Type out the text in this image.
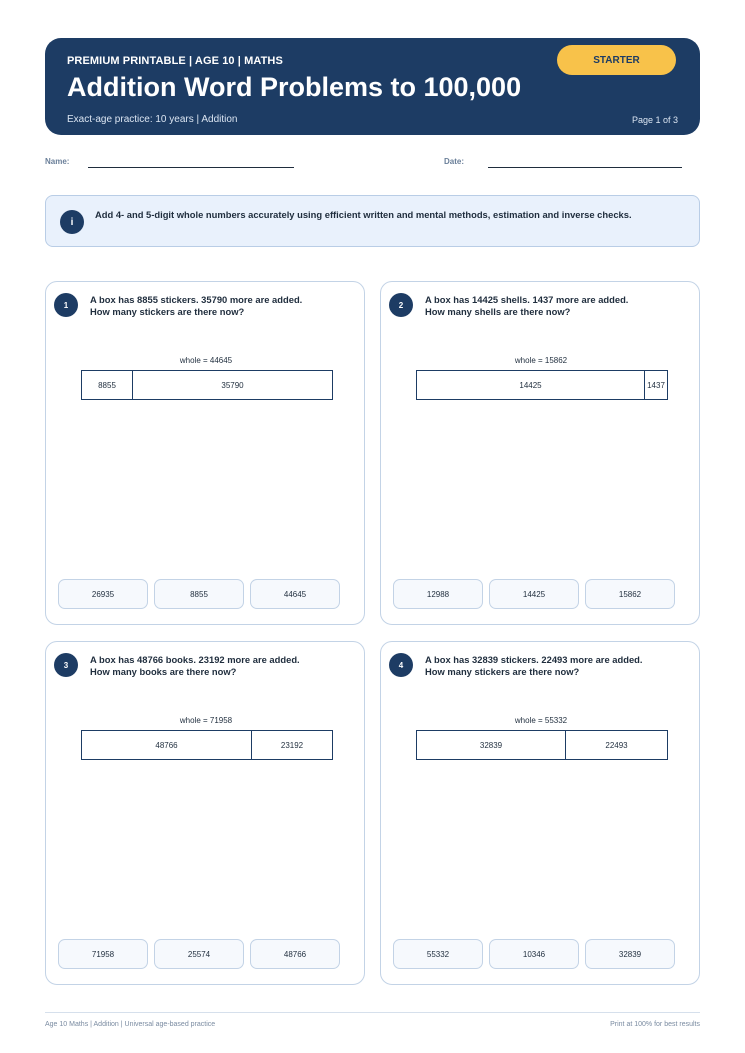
PREMIUM PRINTABLE | AGE 10 | MATHS
Addition Word Problems to 100,000
Exact-age practice: 10 years | Addition	Page 1 of 3
STARTER
Name:	Date:
i
Add 4- and 5-digit whole numbers accurately using efficient written and mental methods, estimation and inverse checks.
1	A box has 8855 stickers. 35790 more are added.
How many stickers are there now?
whole = 44645
8855	35790
26935	8855	44645
2	A box has 14425 shells. 1437 more are added.
How many shells are there now?
whole = 15862
14425	1437
12988	14425	15862
3	A box has 48766 books. 23192 more are added.
How many books are there now?
whole = 71958
48766	23192
71958	25574	48766
4	A box has 32839 stickers. 22493 more are added.
How many stickers are there now?
whole = 55332
32839	22493
55332	10346	32839
Age 10 Maths | Addition | Universal age-based practice	Print at 100% for best results
